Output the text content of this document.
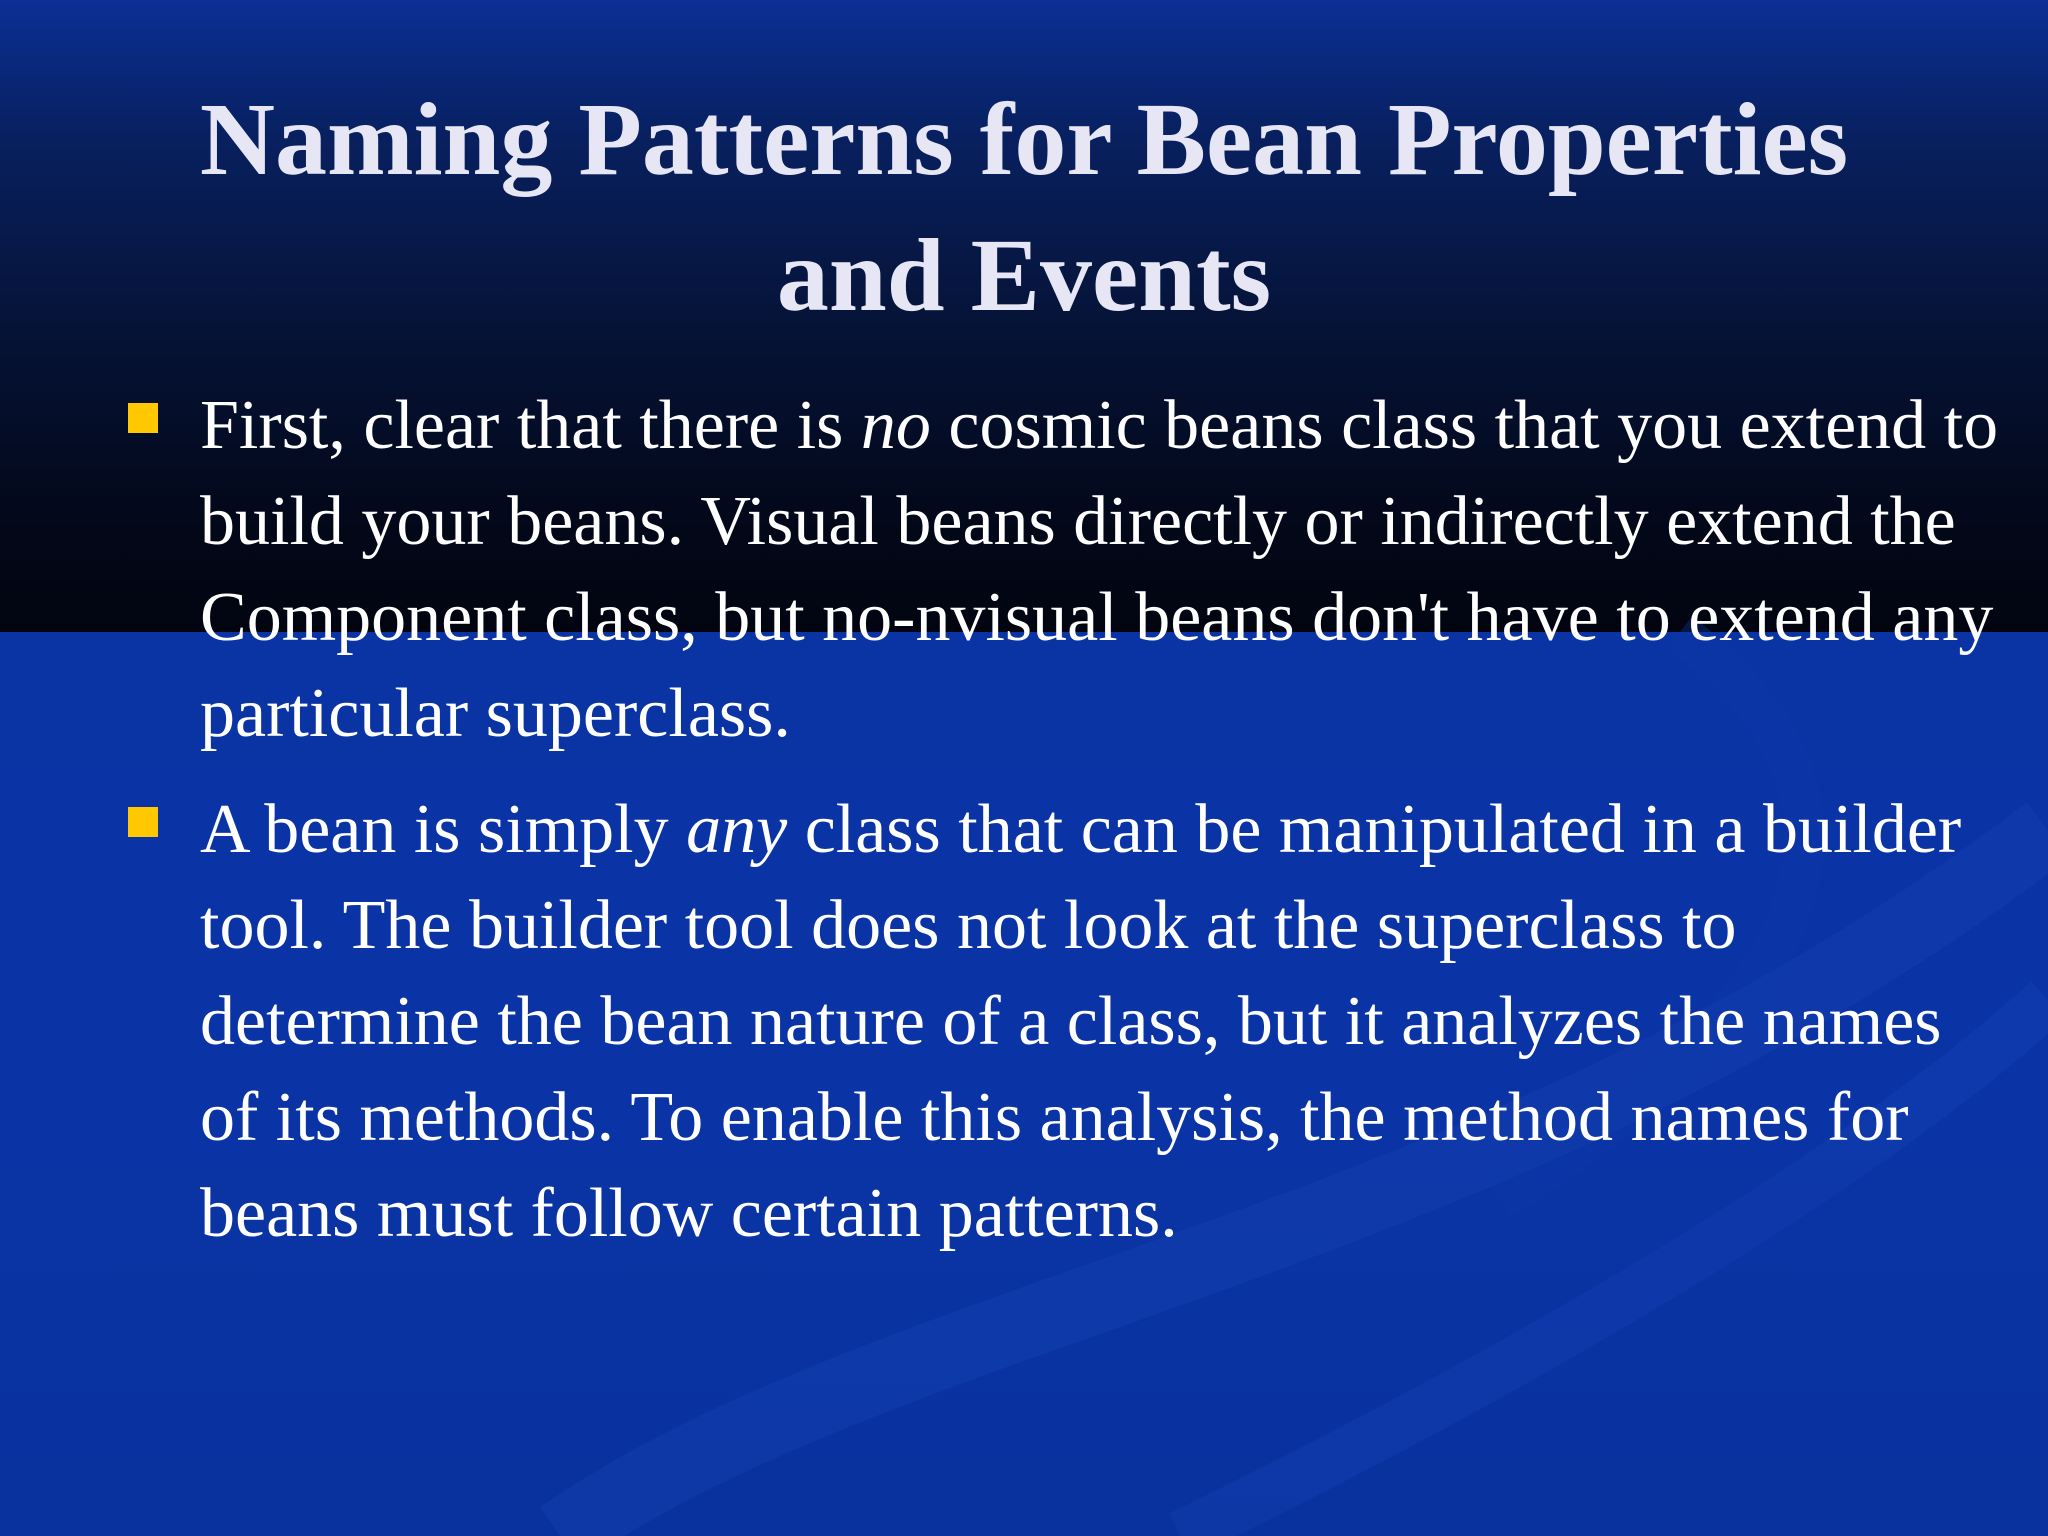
Naming Patterns for Bean Properties
and Events
First, clear that there is no cosmic beans class that you extend to build your beans. Visual beans directly or indirectly extend the Component class, but no-nvisual beans don't have to extend any particular superclass.
A bean is simply any class that can be manipulated in a builder tool. The builder tool does not look at the superclass to determine the bean nature of a class, but it analyzes the names of its methods. To enable this analysis, the method names for beans must follow certain patterns.
